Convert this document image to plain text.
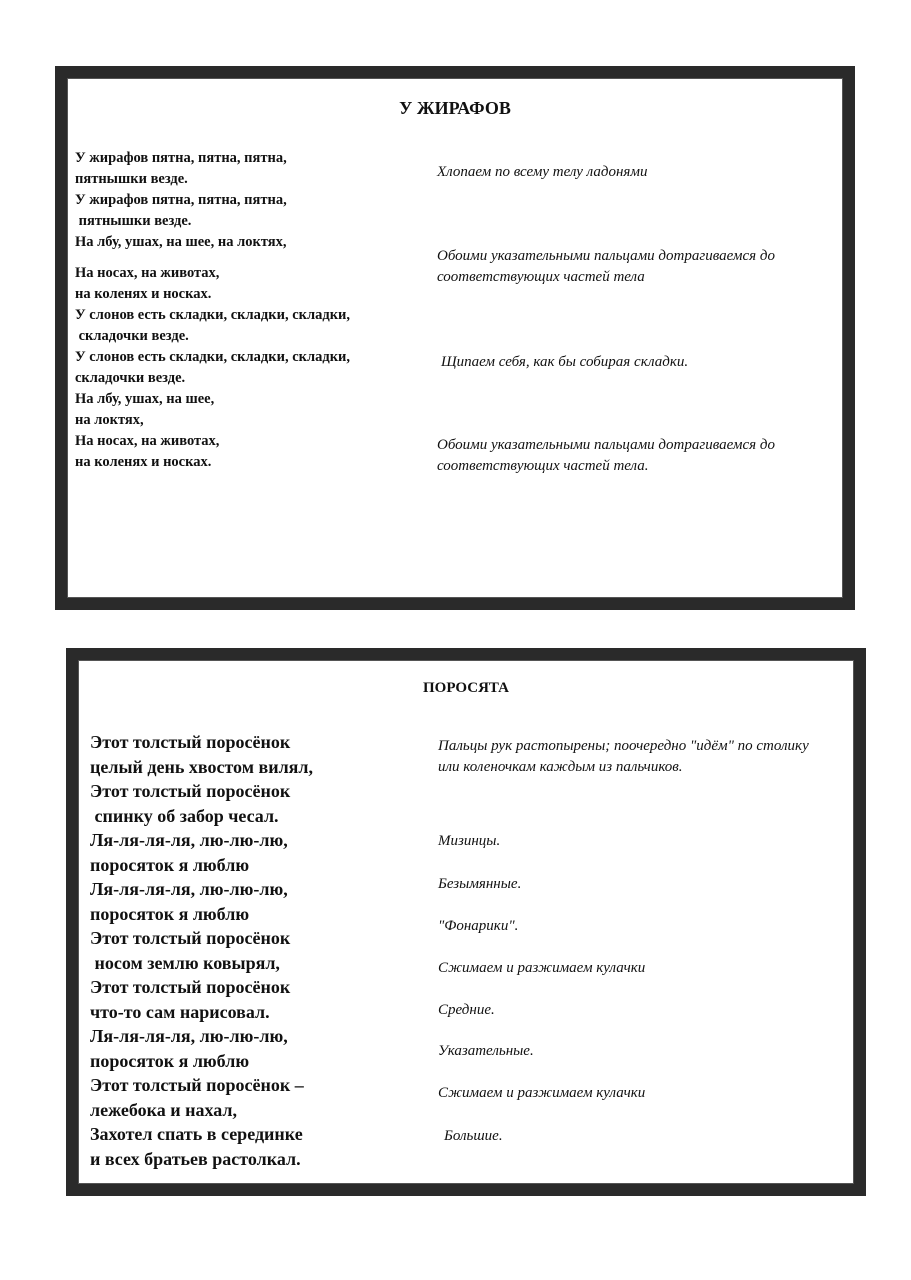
У ЖИРАФОВ
У жирафов пятна, пятна, пятна,
пятнышки везде.
У жирафов пятна, пятна, пятна,
пятнышки везде.
На лбу, ушах, на шее, на локтях,
На носах, на животах,
на коленях и носках.
У слонов есть складки, складки, складки,
складочки везде.
У слонов есть складки, складки, складки,
складочки везде.
На лбу, ушах, на шее,
на локтях,
На носах, на животах,
на коленях и носках.
Хлопаем по всему телу ладонями
Обоими указательными пальцами дотрагиваемся до соответствующих частей тела
Щипаем себя, как бы собирая складки.
Обоими указательными пальцами дотрагиваемся до соответствующих частей тела.
ПОРОСЯТА
Этот толстый поросёнок
целый день хвостом вилял,
Этот толстый поросёнок
спинку об забор чесал.
Ля-ля-ля-ля, лю-лю-лю,
поросяток я люблю
Ля-ля-ля-ля, лю-лю-лю,
поросяток я люблю
Этот толстый поросёнок
носом землю ковырял,
Этот толстый поросёнок
что-то сам нарисовал.
Ля-ля-ля-ля, лю-лю-лю,
поросяток я люблю
Этот толстый поросёнок –
лежебока и нахал,
Захотел спать в серединке
и всех братьев растолкал.
Пальцы рук растопырены; поочередно "идём" по столику или коленочкам каждым из пальчиков.
Мизинцы.
Безымянные.
"Фонарики".
Сжимаем и разжимаем кулачки
Средние.
Указательные.
Сжимаем и разжимаем кулачки
Большие.
